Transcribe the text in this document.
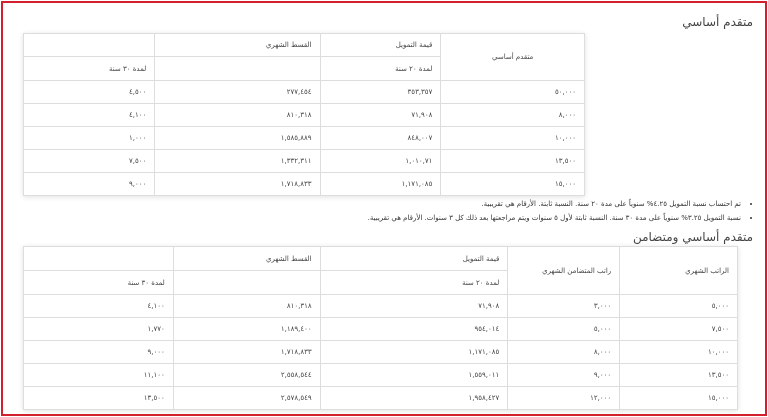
متقدم أساسي
متقدم أساسي	قيمة التمويل	القسط الشهري	
	لمدة ٢٠ سنة		لمدة ٣٠ سنة
٥٠,٠٠٠	٣٥٣,٣٥٧	٢٧٧,٤٥٤	٤,٥٠٠
٨,٠٠٠	٧١,٩٠٨	٨١٠,٣١٨	٤,١٠٠
١٠,٠٠٠	٨٤٨,٠٠٧	١,٥٨٥,٨٨٩	١,٠٠٠
١٣,٥٠٠	١,٠١٠,٧١	١,٣٣٢,٣١١	٧,٥٠٠
١٥,٠٠٠	١,١٧١,٠٨٥	١,٧١٨,٨٣٣	٩,٠٠٠
• تم احتساب نسبة التمويل ٤.٢٥% سنوياً على مدة ٢٠ سنة. النسبة ثابتة. الأرقام هي تقريبية.
• نسبة التمويل ٣.٢٥% سنوياً على مدة ٣٠ سنة. النسبة ثابتة لأول ٥ سنوات ويتم مراجعتها بعد ذلك كل ٣ سنوات. الأرقام هي تقريبية.
متقدم أساسي ومتضامن
الراتب الشهري	راتب المتضامن الشهري	قيمة التمويل	القسط الشهري	
		لمدة ٢٠ سنة		لمدة ٣٠ سنة
٥,٠٠٠	٣,٠٠٠	٧١,٩٠٨	٨١٠,٣١٨	٤,١٠٠
٧,٥٠٠	٥,٠٠٠	٩٥٤,٠١٤	١,١٨٩,٤٠٠	١,٧٧٠
١٠,٠٠٠	٨,٠٠٠	١,١٧١,٠٨٥	١,٧١٨,٨٣٣	٩,٠٠٠
١٣,٥٠٠	٩,٠٠٠	١,٥٥٩,٠١١	٢,٥٥٨,٥٤٤	١١,١٠٠
١٥,٠٠٠	١٢,٠٠٠	١,٩٥٨,٤٢٧	٢,٥٧٨,٥٤٩	١٣,٥٠٠
